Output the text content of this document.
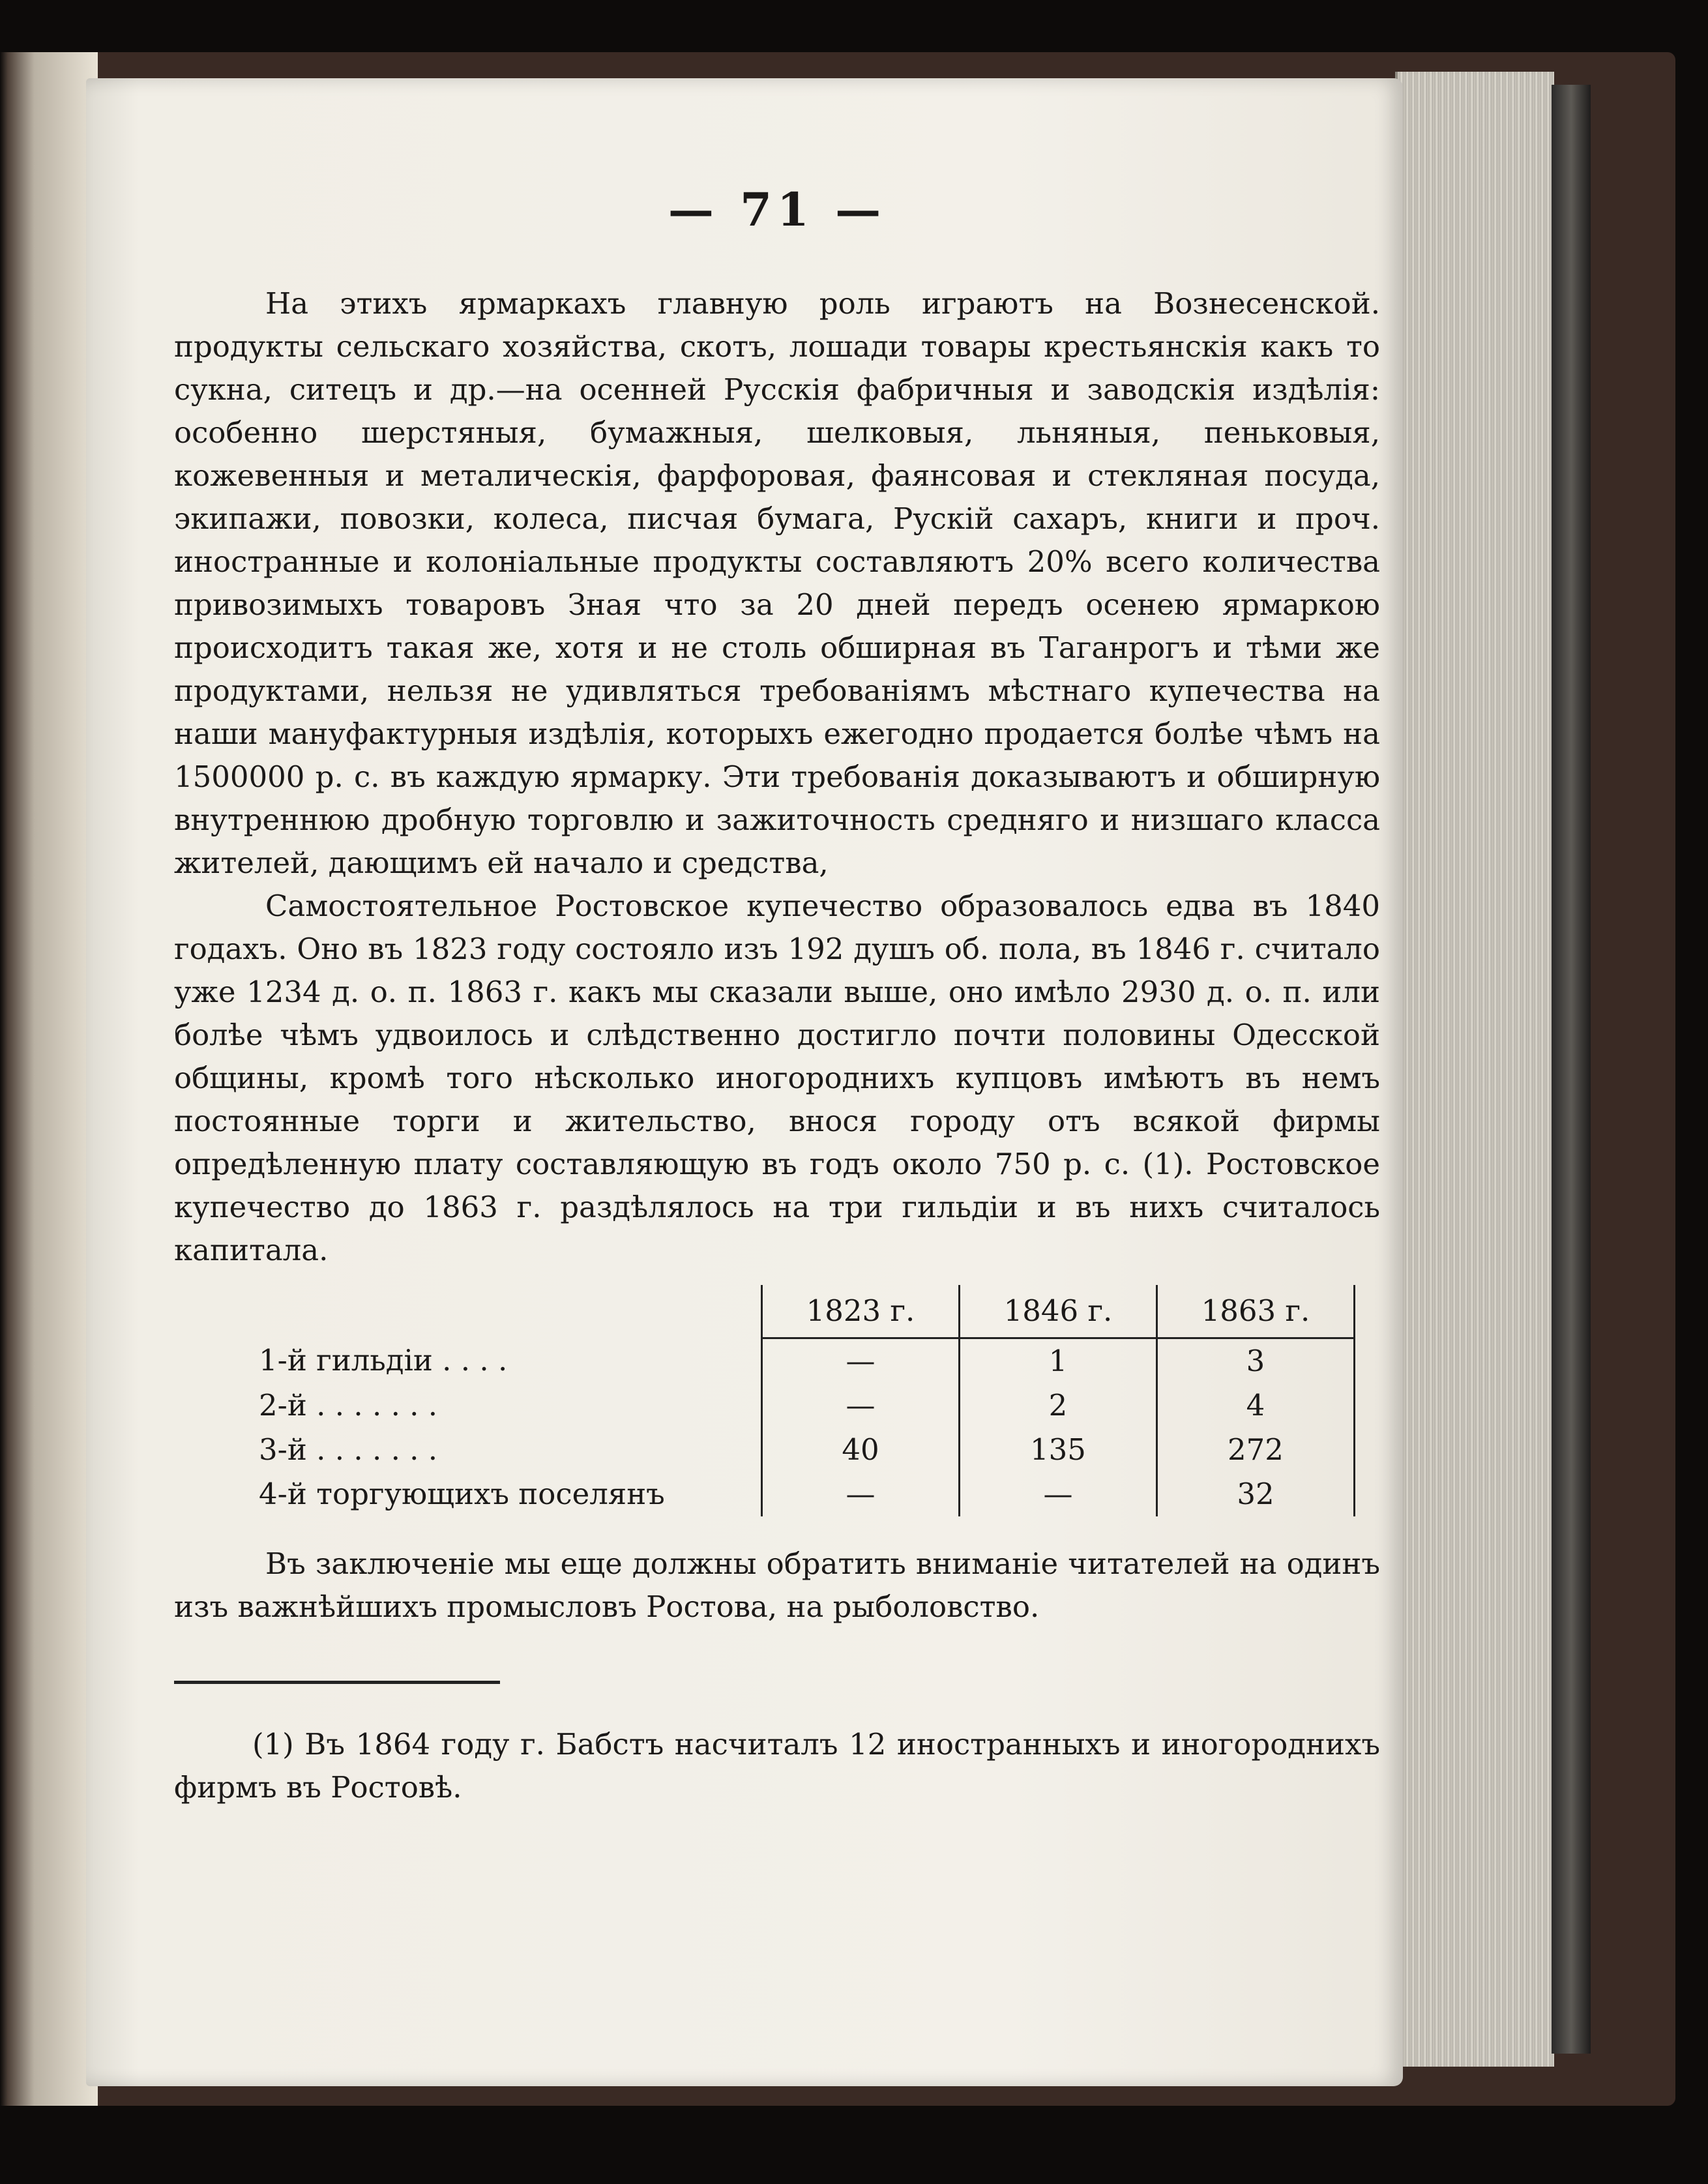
— 71 —

На этихъ ярмаркахъ главную роль играютъ на Вознесенской. продукты сельскаго хозяйства, скотъ, лошади товары крестьянскія какъ то сукна, ситецъ и др.—на осенней Русскія фабричныя и заводскія издѣлія: особенно шерстяныя, бумажныя, шелковыя, льняныя, пеньковыя, кожевенныя и металическія, фарфоровая, фаянсовая и стекляная посуда, экипажи, повозки, колеса, писчая бумага, Рускій сахаръ, книги и проч. иностранные и колоніальные продукты составляютъ 20% всего количества привозимыхъ товаровъ Зная что за 20 дней передъ осенею ярмаркою происходитъ такая же, хотя и не столь обширная въ Таганрогъ и тѣми же продуктами, нельзя не удивляться требованіямъ мѣстнаго купечества на наши мануфактурныя издѣлія, которыхъ ежегодно продается болѣе чѣмъ на 1500000 р. с. въ каждую ярмарку. Эти требованія доказываютъ и обширную внутреннюю дробную торговлю и зажиточность средняго и низшаго класса жителей, дающимъ ей начало и средства,

Самостоятельное Ростовское купечество образовалось едва въ 1840 годахъ. Оно въ 1823 году состояло изъ 192 душъ об. пола, въ 1846 г. считало уже 1234 д. о. п. 1863 г. какъ мы сказали выше, оно имѣло 2930 д. о. п. или болѣе чѣмъ удвоилось и слѣдственно достигло почти половины Одесской общины, кромѣ того нѣсколько иногороднихъ купцовъ имѣютъ въ немъ постоянные торги и жительство, внося городу отъ всякой фирмы опредѣленную плату составляющую въ годъ около 750 р. с. (1). Ростовское купечество до 1863 г. раздѣлялось на три гильдіи и въ нихъ считалось капитала.

	1823 г.	1846 г.	1863 г.
1-й гильдіи . . . .	—	1	3
2-й . . . . . . .	—	2	4
3-й . . . . . . .	40	135	272
4-й торгующихъ поселянъ	—	—	32

Въ заключеніе мы еще должны обратить вниманіе читателей на одинъ изъ важнѣйшихъ промысловъ Ростова, на рыболовство.

(1) Въ 1864 году г. Бабстъ насчиталъ 12 иностранныхъ и иногороднихъ фирмъ въ Ростовѣ.
